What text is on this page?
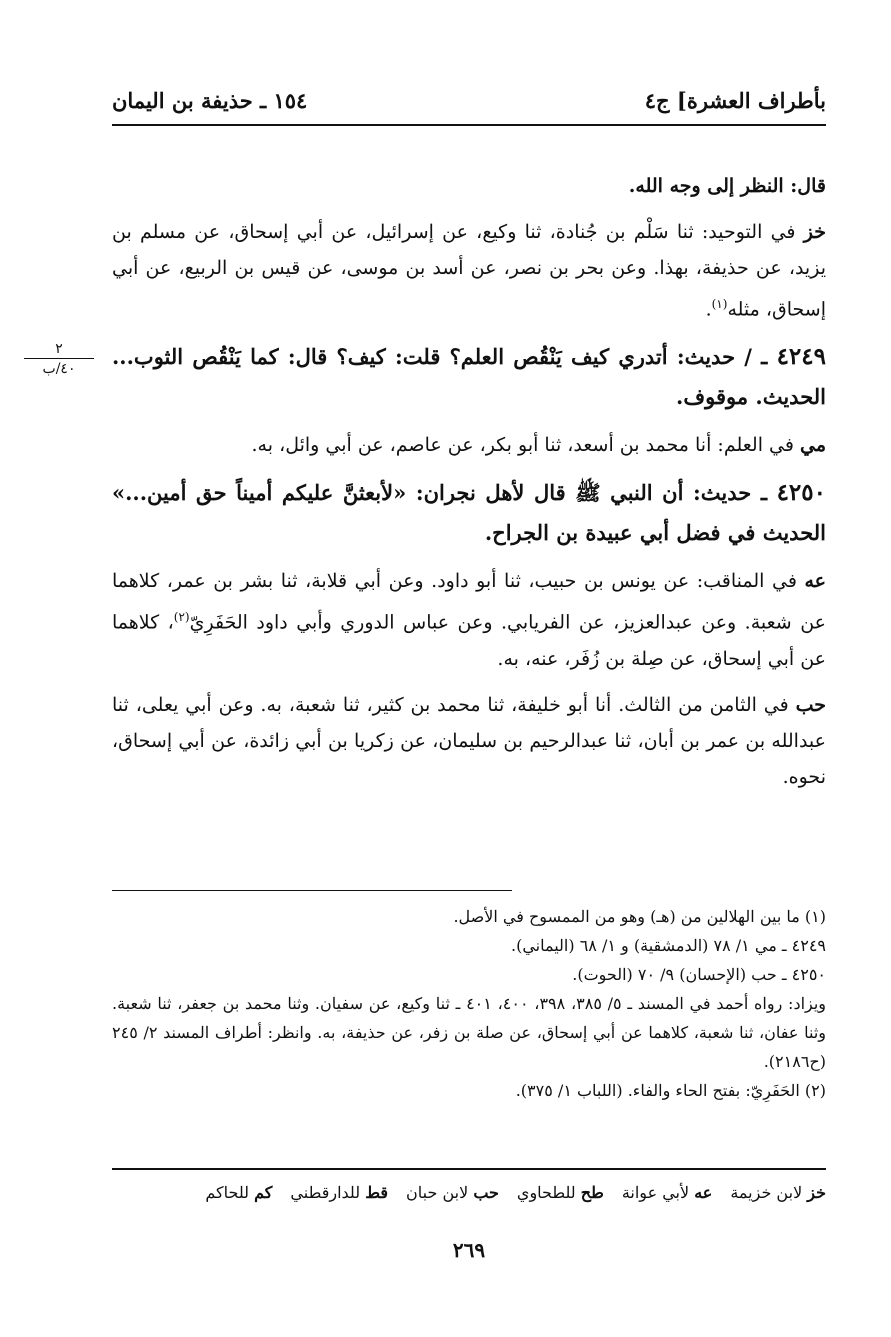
بأطراف العشرة] ج٤
١٥٤ ـ حذيفة بن اليمان

قال: النظر إلى وجه الله.

خز في التوحيد: ثنا سَلْم بن جُنادة، ثنا وكيع، عن إسرائيل، عن أبي إسحاق، عن مسلم بن يزيد، عن حذيفة، بهذا. وعن بحر بن نصر، عن أسد بن موسى، عن قيس بن الربيع، عن أبي إسحاق، مثله$^{(١)}$.

٤٢٤٩ ـ / حديث: أتدري كيف يَنْقُص العلم؟ قلت: كيف؟ قال: كما يَنْقُص الثوب... الحديث. موقوف.

مي في العلم: أنا محمد بن أسعد، ثنا أبو بكر، عن عاصم، عن أبي وائل، به.

٤٢٥٠ ـ حديث: أن النبي ﷺ قال لأهل نجران: «لأبعثنَّ عليكم أميناً حق أمين...» الحديث في فضل أبي عبيدة بن الجراح.

عه في المناقب: عن يونس بن حبيب، ثنا أبو داود. وعن أبي قلابة، ثنا بشر بن عمر، كلاهما عن شعبة. وعن عبدالعزيز، عن الفريابي. وعن عباس الدوري وأبي داود الحَفَرِيّ$^{(٢)}$، كلاهما عن أبي إسحاق، عن صِلة بن زُفَر، عنه، به.

حب في الثامن من الثالث. أنا أبو خليفة، ثنا محمد بن كثير، ثنا شعبة، به. وعن أبي يعلى، ثنا عبدالله بن عمر بن أبان، ثنا عبدالرحيم بن سليمان، عن زكريا بن أبي زائدة، عن أبي إسحاق، نحوه.

(١) ما بين الهلالين من (هـ) وهو من الممسوح في الأصل.

٤٢٤٩ ـ مي ١/ ٧٨ (الدمشقية) و ١/ ٦٨ (اليماني).

٤٢٥٠ ـ حب (الإحسان) ٩/ ٧٠ (الحوت).

ويزاد: رواه أحمد في المسند ـ ٥/ ٣٨٥، ٣٩٨، ٤٠٠، ٤٠١ ـ ثنا وكيع، عن سفيان. وثنا محمد بن جعفر، ثنا شعبة. وثنا عفان، ثنا شعبة، كلاهما عن أبي إسحاق، عن صلة بن زفر، عن حذيفة، به. وانظر: أطراف المسند ٢/ ٢٤٥ (ح٢١٨٦).

(٢) الحَفَرِيّ: بفتح الحاء والفاء. (اللباب ١/ ٣٧٥).

خز لابن خزيمة
عه لأبي عوانة
طح للطحاوي
حب لابن حبان
قط للدارقطني
كم للحاكم
٢٦٩
٢
٤٠/ب
